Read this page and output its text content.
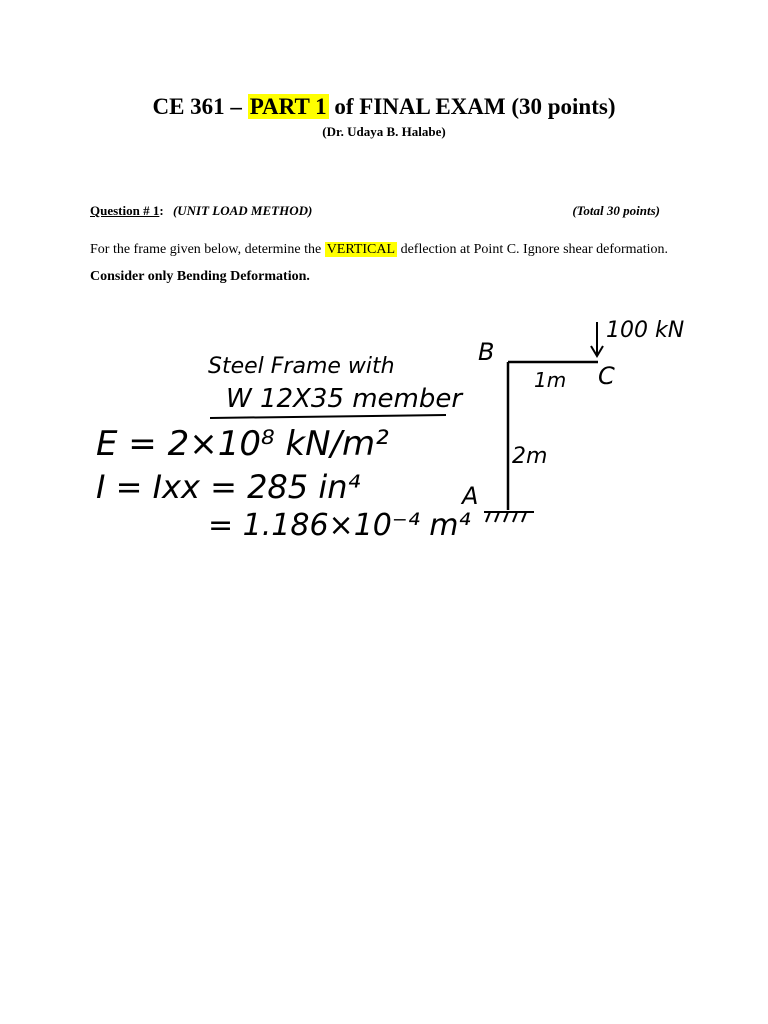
CE 361 – PART 1 of FINAL EXAM (30 points)
(Dr. Udaya B. Halabe)
Question # 1: (UNIT LOAD METHOD)	(Total 30 points)
For the frame given below, determine the VERTICAL deflection at Point C. Ignore shear deformation. Consider only Bending Deformation.
Steel Frame with
W 12X35 member
E = 2×10⁸ kN/m²
I = Ixx = 285 in⁴
= 1.186×10⁻⁴ m⁴
B
C
A
100 kN
1m
2m
